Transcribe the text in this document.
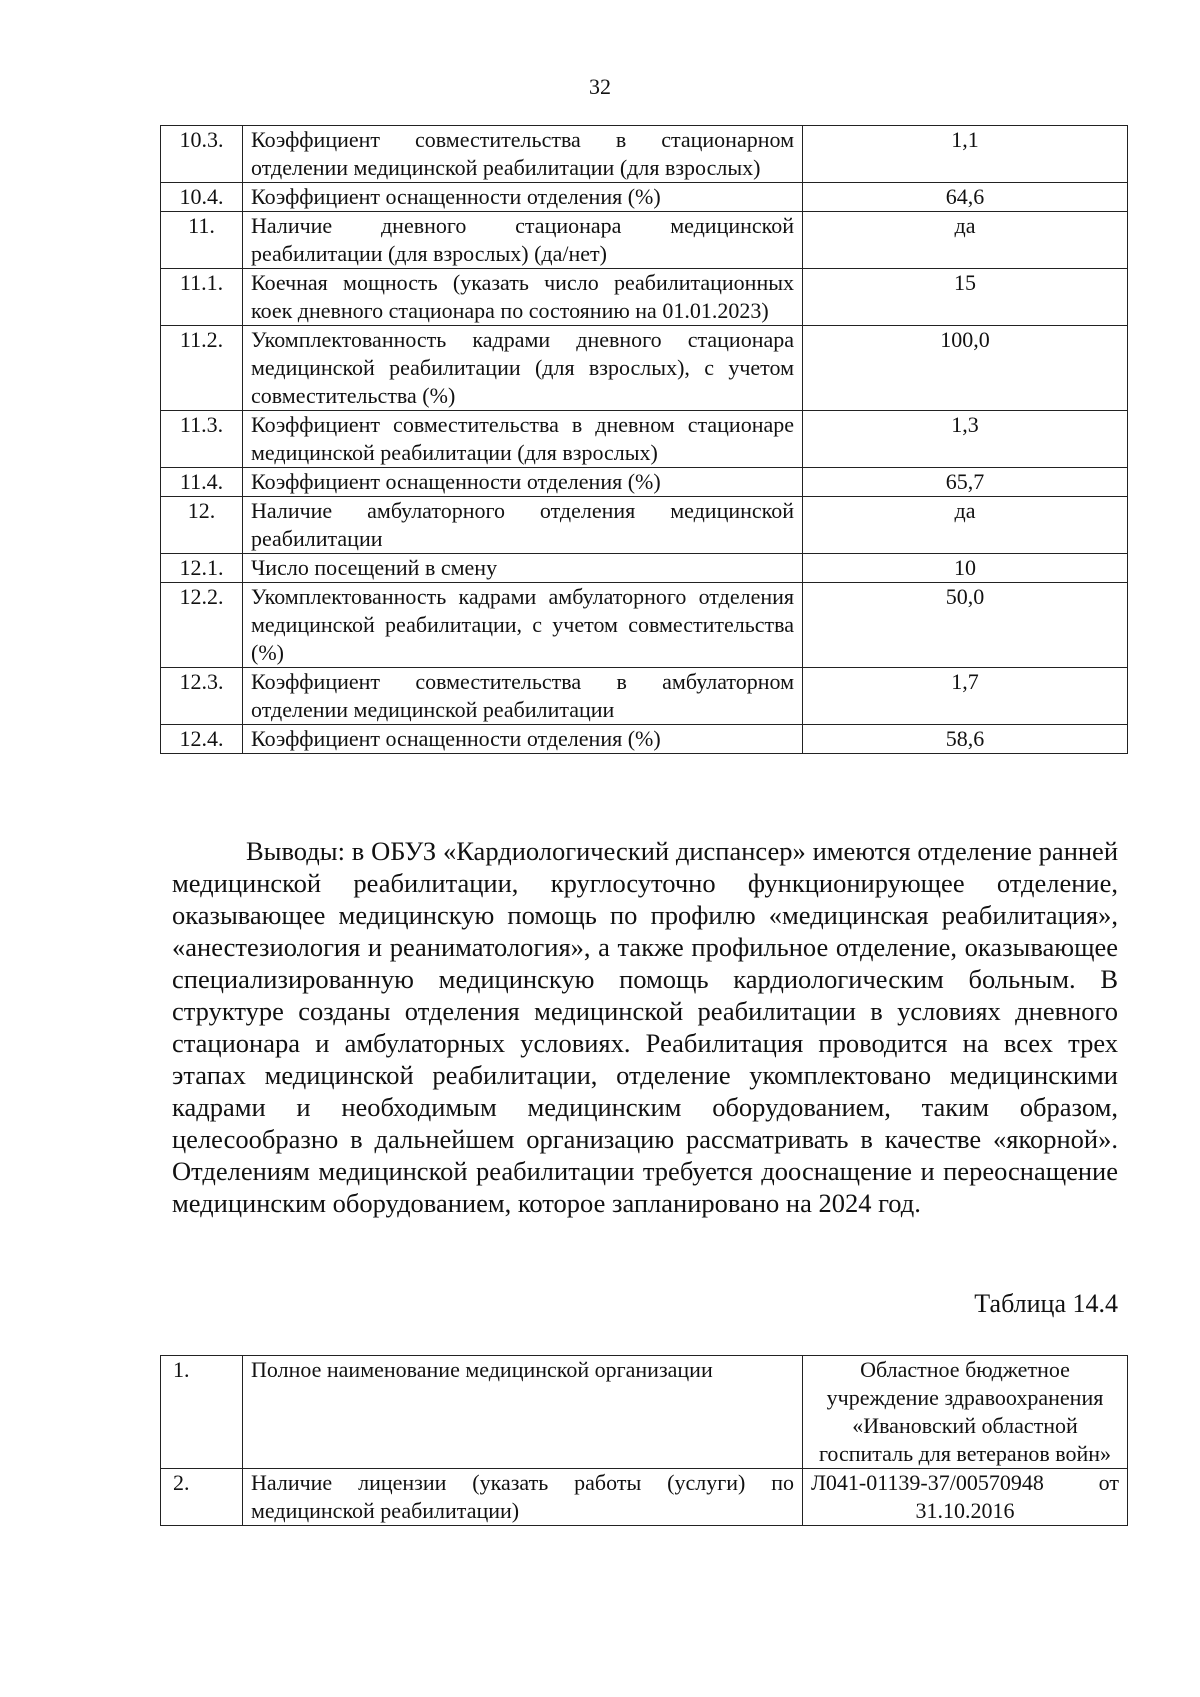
32
10.3.	Коэффициент совместительства в стационарном отделении медицинской реабилитации (для взрослых)	1,1
10.4.	Коэффициент оснащенности отделения (%)	64,6
11.	Наличие дневного стационара медицинской реабилитации (для взрослых) (да/нет)	да
11.1.	Коечная мощность (указать число реабилитационных коек дневного стационара по состоянию на 01.01.2023)	15
11.2.	Укомплектованность кадрами дневного стационара медицинской реабилитации (для взрослых), с учетом совместительства (%)	100,0
11.3.	Коэффициент совместительства в дневном стационаре медицинской реабилитации (для взрослых)	1,3
11.4.	Коэффициент оснащенности отделения (%)	65,7
12.	Наличие амбулаторного отделения медицинской реабилитации	да
12.1.	Число посещений в смену	10
12.2.	Укомплектованность кадрами амбулаторного отделения медицинской реабилитации, с учетом совместительства (%)	50,0
12.3.	Коэффициент совместительства в амбулаторном отделении медицинской реабилитации	1,7
12.4.	Коэффициент оснащенности отделения (%)	58,6

Выводы: в ОБУЗ «Кардиологический диспансер» имеются отделение ранней медицинской реабилитации, круглосуточно функционирующее отделение, оказывающее медицинскую помощь по профилю «медицинская реабилитация», «анестезиология и реаниматология», а также профильное отделение, оказывающее специализированную медицинскую помощь кардиологическим больным. В структуре созданы отделения медицинской реабилитации в условиях дневного стационара и амбулаторных условиях. Реабилитация проводится на всех трех этапах медицинской реабилитации, отделение укомплектовано медицинскими кадрами и необходимым медицинским оборудованием, таким образом, целесообразно в дальнейшем организацию рассматривать в качестве «якорной». Отделениям медицинской реабилитации требуется дооснащение и переоснащение медицинским оборудованием, которое запланировано на 2024 год.

Таблица 14.4

1.	Полное наименование медицинской организации	Областное бюджетное учреждение здравоохранения «Ивановский областной госпиталь для ветеранов войн»
2.	Наличие лицензии (указать работы (услуги) по медицинской реабилитации)	Л041-01139-37/00570948 от 31.10.2016
